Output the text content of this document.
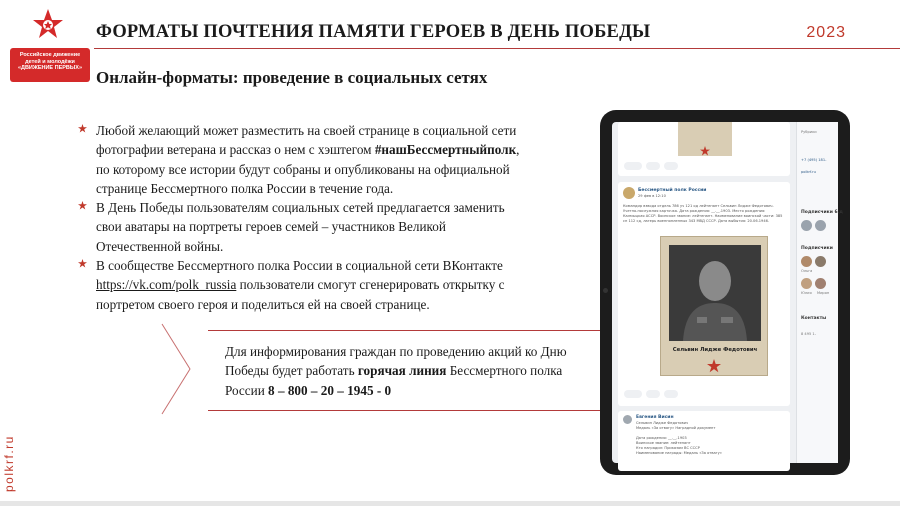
Российское движение
детей и молодёжи
«ДВИЖЕНИЕ ПЕРВЫХ»
ФОРМАТЫ ПОЧТЕНИЯ ПАМЯТИ ГЕРОЕВ В ДЕНЬ ПОБЕДЫ	2023
Онлайн-форматы: проведение в социальных сетях
Любой желающий может разместить на своей странице в социальной сети фотографии ветерана и рассказ о нем с хэштегом #нашБессмертныйполк, по которому все истории будут собраны и опубликованы на официальной странице Бессмертного полка России в течение года.
В День Победы пользователям социальных сетей предлагается заменить свои аватары на портреты героев семей – участников Великой Отечественной войны.
В сообществе Бессмертного полка России в социальной сети ВКонтакте https://vk.com/polk_russia пользователи смогут сгенерировать открытку с портретом своего героя и поделиться ей на своей странице.
Для информирования граждан по проведению акций ко Дню Победы будет работать горячая линия Бессмертного полка России 8 – 800 – 20 – 1945 - 0
polkrf.ru
Бессмертный полк России
29 фев в 12:10
Командир взвода отдель 786 уч 121 од лейтенант Сельвин Лидже Федотович. Учетно-послужная карточка. Дата рождения: __.__.1903. Место рождения: Калмыцкая АССР. Воинское звание: лейтенант. Наименование воинской части: 385 сп 112 сд, лагерь военнопленных 343 МВД СССР. Дата выбытия: 20.06.1946.
Сельвин Лидже Федотович
Евгения Висин
Сельвин Лидже Федотович
Медаль «За отвагу» Наградной документ
Дата рождения: __.__.1903
Воинское звание: лейтенант
Кто наградил: Приказом ВС СССР
Наименование награды: Медаль «За отвагу»
Рубрики
+7 (495) 181-
polkrf.ru
Подписчики 6.д
Подписчики
Ольга
Юлия	Мирон
Контакты
8 495 1-
